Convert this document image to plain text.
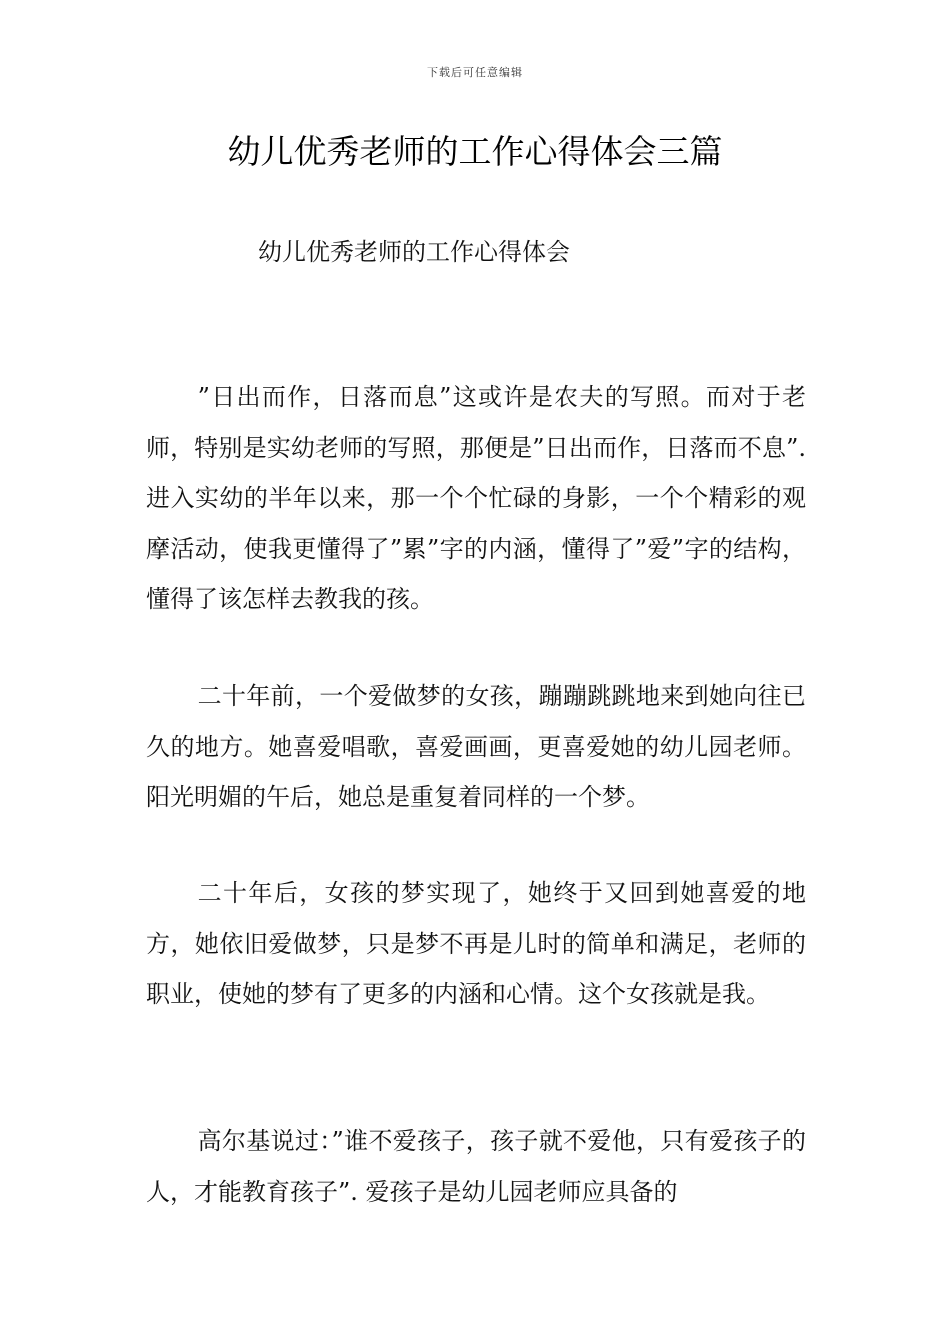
下载后可任意编辑
幼儿优秀老师的工作心得体会三篇
幼儿优秀老师的工作心得体会

”日出而作，日落而息”这或许是农夫的写照。而对于老师，特别是实幼老师的写照，那便是”日出而作，日落而不息”. 进入实幼的半年以来，那一个个忙碌的身影，一个个精彩的观摩活动，使我更懂得了”累”字的内涵，懂得了”爱”字的结构，懂得了该怎样去教我的孩。

二十年前，一个爱做梦的女孩，蹦蹦跳跳地来到她向往已久的地方。她喜爱唱歌，喜爱画画，更喜爱她的幼儿园老师。阳光明媚的午后，她总是重复着同样的一个梦。

二十年后，女孩的梦实现了，她终于又回到她喜爱的地方，她依旧爱做梦，只是梦不再是儿时的简单和满足，老师的职业，使她的梦有了更多的内涵和心情。这个女孩就是我。

高尔基说过：”谁不爱孩子，孩子就不爱他，只有爱孩子的人，才能教育孩子”. 爱孩子是幼儿园老师应具备的
